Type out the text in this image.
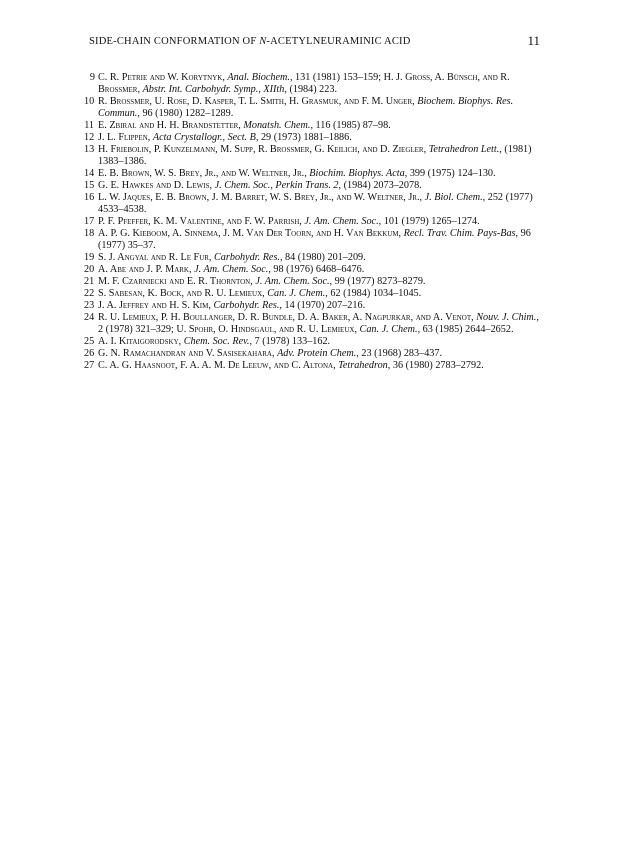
SIDE-CHAIN CONFORMATION OF N-ACETYLNEURAMINIC ACID	11
9 C. R. Petrie and W. Korytnyk, Anal. Biochem., 131 (1981) 153–159; H. J. Gross, A. Bünsch, and R. Brossmer, Abstr. Int. Carbohydr. Symp., XIIth, (1984) 223.
10 R. Brossmer, U. Rose, D. Kasper, T. L. Smith, H. Grasmuk, and F. M. Unger, Biochem. Biophys. Res. Commun., 96 (1980) 1282–1289.
11 E. Zbiral and H. H. Brandstetter, Monatsh. Chem., 116 (1985) 87–98.
12 J. L. Flippen, Acta Crystallogr., Sect. B, 29 (1973) 1881–1886.
13 H. Friebolin, P. Kunzelmann, M. Supp, R. Brossmer, G. Keilich, and D. Ziegler, Tetrahedron Lett., (1981) 1383–1386.
14 E. B. Brown, W. S. Brey, Jr., and W. Weltner, Jr., Biochim. Biophys. Acta, 399 (1975) 124–130.
15 G. E. Hawkes and D. Lewis, J. Chem. Soc., Perkin Trans. 2, (1984) 2073–2078.
16 L. W. Jaques, E. B. Brown, J. M. Barret, W. S. Brey, Jr., and W. Weltner, Jr., J. Biol. Chem., 252 (1977) 4533–4538.
17 P. F. Pfeffer, K. M. Valentine, and F. W. Parrish, J. Am. Chem. Soc., 101 (1979) 1265–1274.
18 A. P. G. Kieboom, A. Sinnema, J. M. Van Der Toorn, and H. Van Bekkum, Recl. Trav. Chim. Pays-Bas, 96 (1977) 35–37.
19 S. J. Angyal and R. Le Fur, Carbohydr. Res., 84 (1980) 201–209.
20 A. Abe and J. P. Mark, J. Am. Chem. Soc., 98 (1976) 6468–6476.
21 M. F. Czarniecki and E. R. Thornton, J. Am. Chem. Soc., 99 (1977) 8273–8279.
22 S. Sabesan, K. Bock, and R. U. Lemieux, Can. J. Chem., 62 (1984) 1034–1045.
23 J. A. Jeffrey and H. S. Kim, Carbohydr. Res., 14 (1970) 207–216.
24 R. U. Lemieux, P. H. Boullanger, D. R. Bundle, D. A. Baker, A. Nagpurkar, and A. Venot, Nouv. J. Chim., 2 (1978) 321–329; U. Spohr, O. Hindsgaul, and R. U. Lemieux, Can. J. Chem., 63 (1985) 2644–2652.
25 A. I. Kitaigorodsky, Chem. Soc. Rev., 7 (1978) 133–162.
26 G. N. Ramachandran and V. Sasisekahara, Adv. Protein Chem., 23 (1968) 283–437.
27 C. A. G. Haasnoot, F. A. A. M. De Leeuw, and C. Altona, Tetrahedron, 36 (1980) 2783–2792.
